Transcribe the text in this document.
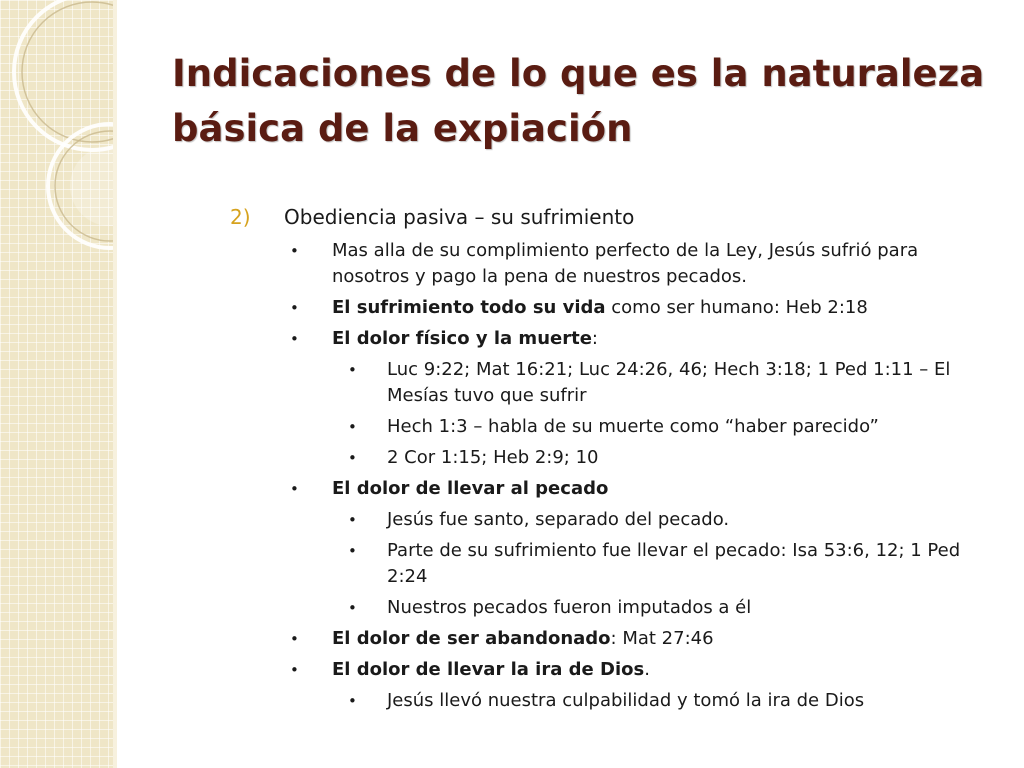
Indicaciones de lo que es la naturaleza
básica de la expiación
2) Obediencia pasiva – su sufrimiento
• Mas alla de su complimiento perfecto de la Ley, Jesús sufrió para nosotros y pago la pena de nuestros pecados.
• El sufrimiento todo su vida como ser humano: Heb 2:18
• El dolor físico y la muerte:
• Luc 9:22; Mat 16:21; Luc 24:26, 46; Hech 3:18; 1 Ped 1:11 – El Mesías tuvo que sufrir
• Hech 1:3 – habla de su muerte como “haber parecido”
• 2 Cor 1:15; Heb 2:9; 10
• El dolor de llevar al pecado
• Jesús fue santo, separado del pecado.
• Parte de su sufrimiento fue llevar el pecado: Isa 53:6, 12; 1 Ped 2:24
• Nuestros pecados fueron imputados a él
• El dolor de ser abandonado: Mat 27:46
• El dolor de llevar la ira de Dios.
• Jesús llevó nuestra culpabilidad y tomó la ira de Dios
